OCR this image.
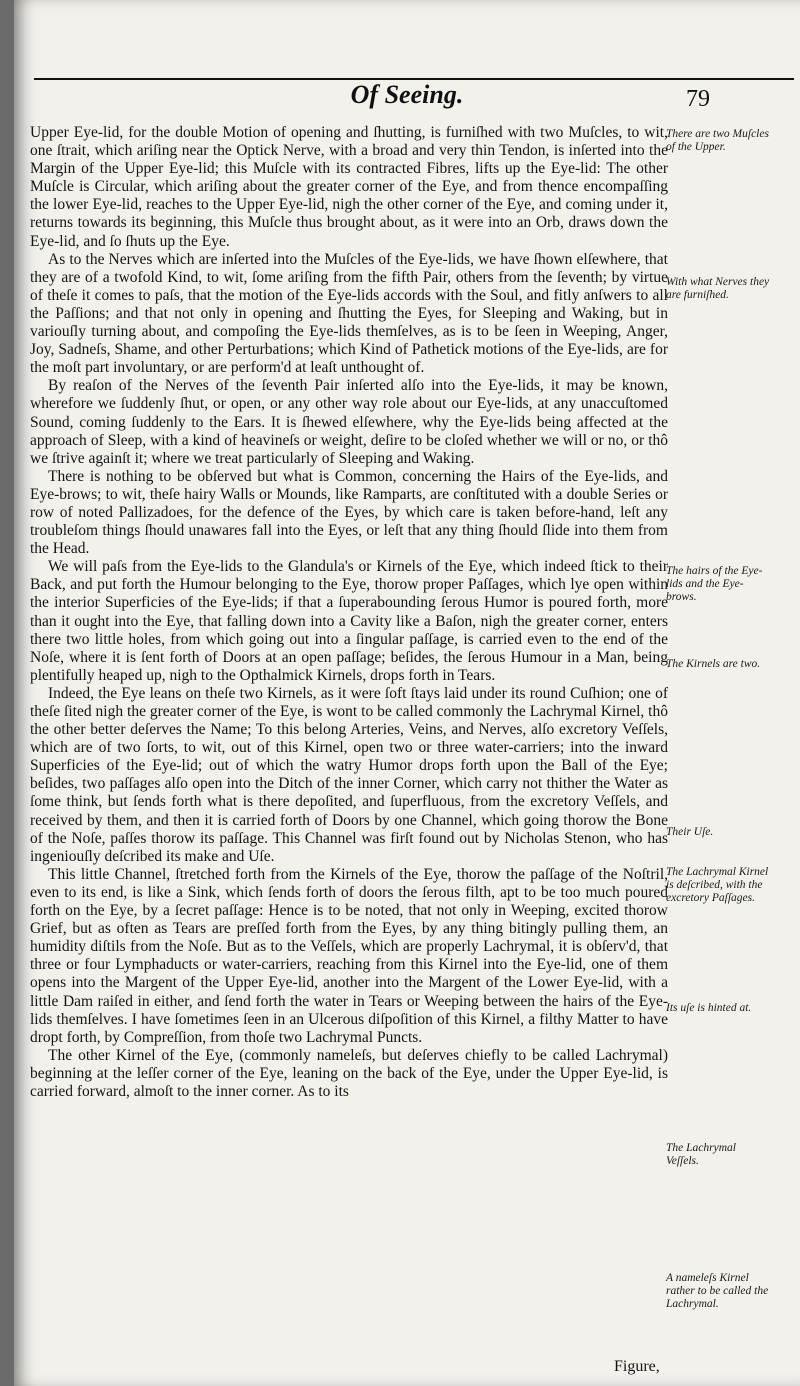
Of Seeing.	79

Upper Eye-lid, for the double Motion of opening and ſhutting, is furniſhed with two Muſcles, to wit, one ſtrait, which ariſing near the Optick Nerve, with a broad and very thin Tendon, is inſerted into the Margin of the Upper Eye-lid; this Muſcle with its contracted Fibres, lifts up the Eye-lid: The other Muſcle is Circular, which ariſing about the greater corner of the Eye, and from thence encompaſſing the lower Eye-lid, reaches to the Upper Eye-lid, nigh the other corner of the Eye, and coming under it, returns towards its beginning, this Muſcle thus brought about, as it were into an Orb, draws down the Eye-lid, and ſo ſhuts up the Eye.

As to the Nerves which are inſerted into the Muſcles of the Eye-lids, we have ſhown elſewhere, that they are of a twofold Kind, to wit, ſome ariſing from the fifth Pair, others from the ſeventh; by virtue of theſe it comes to paſs, that the motion of the Eye-lids accords with the Soul, and fitly anſwers to all the Paſſions; and that not only in opening and ſhutting the Eyes, for Sleeping and Waking, but in variouſly turning about, and compoſing the Eye-lids themſelves, as is to be ſeen in Weeping, Anger, Joy, Sadneſs, Shame, and other Perturbations; which Kind of Pathetick motions of the Eye-lids, are for the moſt part involuntary, or are perform'd at leaſt unthought of.

By reaſon of the Nerves of the ſeventh Pair inſerted alſo into the Eye-lids, it may be known, wherefore we ſuddenly ſhut, or open, or any other way role about our Eye-lids, at any unaccuſtomed Sound, coming ſuddenly to the Ears. It is ſhewed elſewhere, why the Eye-lids being affected at the approach of Sleep, with a kind of heavineſs or weight, deſire to be cloſed whether we will or no, or thô we ſtrive againſt it; where we treat particularly of Sleeping and Waking.

There is nothing to be obſerved but what is Common, concerning the Hairs of the Eye-lids, and Eye-brows; to wit, theſe hairy Walls or Mounds, like Ramparts, are conſtituted with a double Series or row of noted Pallizadoes, for the defence of the Eyes, by which care is taken before-hand, leſt any troubleſom things ſhould unawares fall into the Eyes, or leſt that any thing ſhould ſlide into them from the Head.

We will paſs from the Eye-lids to the Glandula's or Kirnels of the Eye, which indeed ſtick to their Back, and put forth the Humour belonging to the Eye, thorow proper Paſſages, which lye open within the interior Superficies of the Eye-lids; if that a ſuperabounding ſerous Humor is poured forth, more than it ought into the Eye, that falling down into a Cavity like a Baſon, nigh the greater corner, enters there two little holes, from which going out into a ſingular paſſage, is carried even to the end of the Noſe, where it is ſent forth of Doors at an open paſſage; beſides, the ſerous Humour in a Man, being plentifully heaped up, nigh to the Opthalmick Kirnels, drops forth in Tears.

Indeed, the Eye leans on theſe two Kirnels, as it were ſoft ſtays laid under its round Cuſhion; one of theſe ſited nigh the greater corner of the Eye, is wont to be called commonly the Lachrymal Kirnel, thô the other better deſerves the Name; To this belong Arteries, Veins, and Nerves, alſo excretory Veſſels, which are of two ſorts, to wit, out of this Kirnel, open two or three water-carriers; into the inward Superficies of the Eye-lid; out of which the watry Humor drops forth upon the Ball of the Eye; beſides, two paſſages alſo open into the Ditch of the inner Corner, which carry not thither the Water as ſome think, but ſends forth what is there depoſited, and ſuperfluous, from the excretory Veſſels, and received by them, and then it is carried forth of Doors by one Channel, which going thorow the Bone of the Noſe, paſſes thorow its paſſage. This Channel was firſt found out by Nicholas Stenon, who has ingeniouſly deſcribed its make and Uſe.

This little Channel, ſtretched forth from the Kirnels of the Eye, thorow the paſſage of the Noſtril, even to its end, is like a Sink, which ſends forth of doors the ſerous filth, apt to be too much poured forth on the Eye, by a ſecret paſſage: Hence is to be noted, that not only in Weeping, excited thorow Grief, but as often as Tears are preſſed forth from the Eyes, by any thing bitingly pulling them, an humidity diſtils from the Noſe. But as to the Veſſels, which are properly Lachrymal, it is obſerv'd, that three or four Lymphaducts or water-carriers, reaching from this Kirnel into the Eye-lid, one of them opens into the Margent of the Upper Eye-lid, another into the Margent of the Lower Eye-lid, with a little Dam raiſed in either, and ſend forth the water in Tears or Weeping between the hairs of the Eye-lids themſelves. I have ſometimes ſeen in an Ulcerous diſpoſition of this Kirnel, a filthy Matter to have dropt forth, by Compreſſion, from thoſe two Lachrymal Puncts.

The other Kirnel of the Eye, (commonly nameleſs, but deſerves chiefly to be called Lachrymal) beginning at the leſſer corner of the Eye, leaning on the back of the Eye, under the Upper Eye-lid, is carried forward, almoſt to the inner corner. As to its

There are two Muſcles of the Upper.
With what Nerves they are furniſhed.
The hairs of the Eye-lids and the Eye-brows.
The Kirnels are two.
Their Uſe.
The Lachrymal Kirnel is deſcribed, with the excretory Paſſages.
Its uſe is hinted at.
The Lachrymal Veſſels.
A nameleſs Kirnel rather to be called the Lachrymal.
Figure,
